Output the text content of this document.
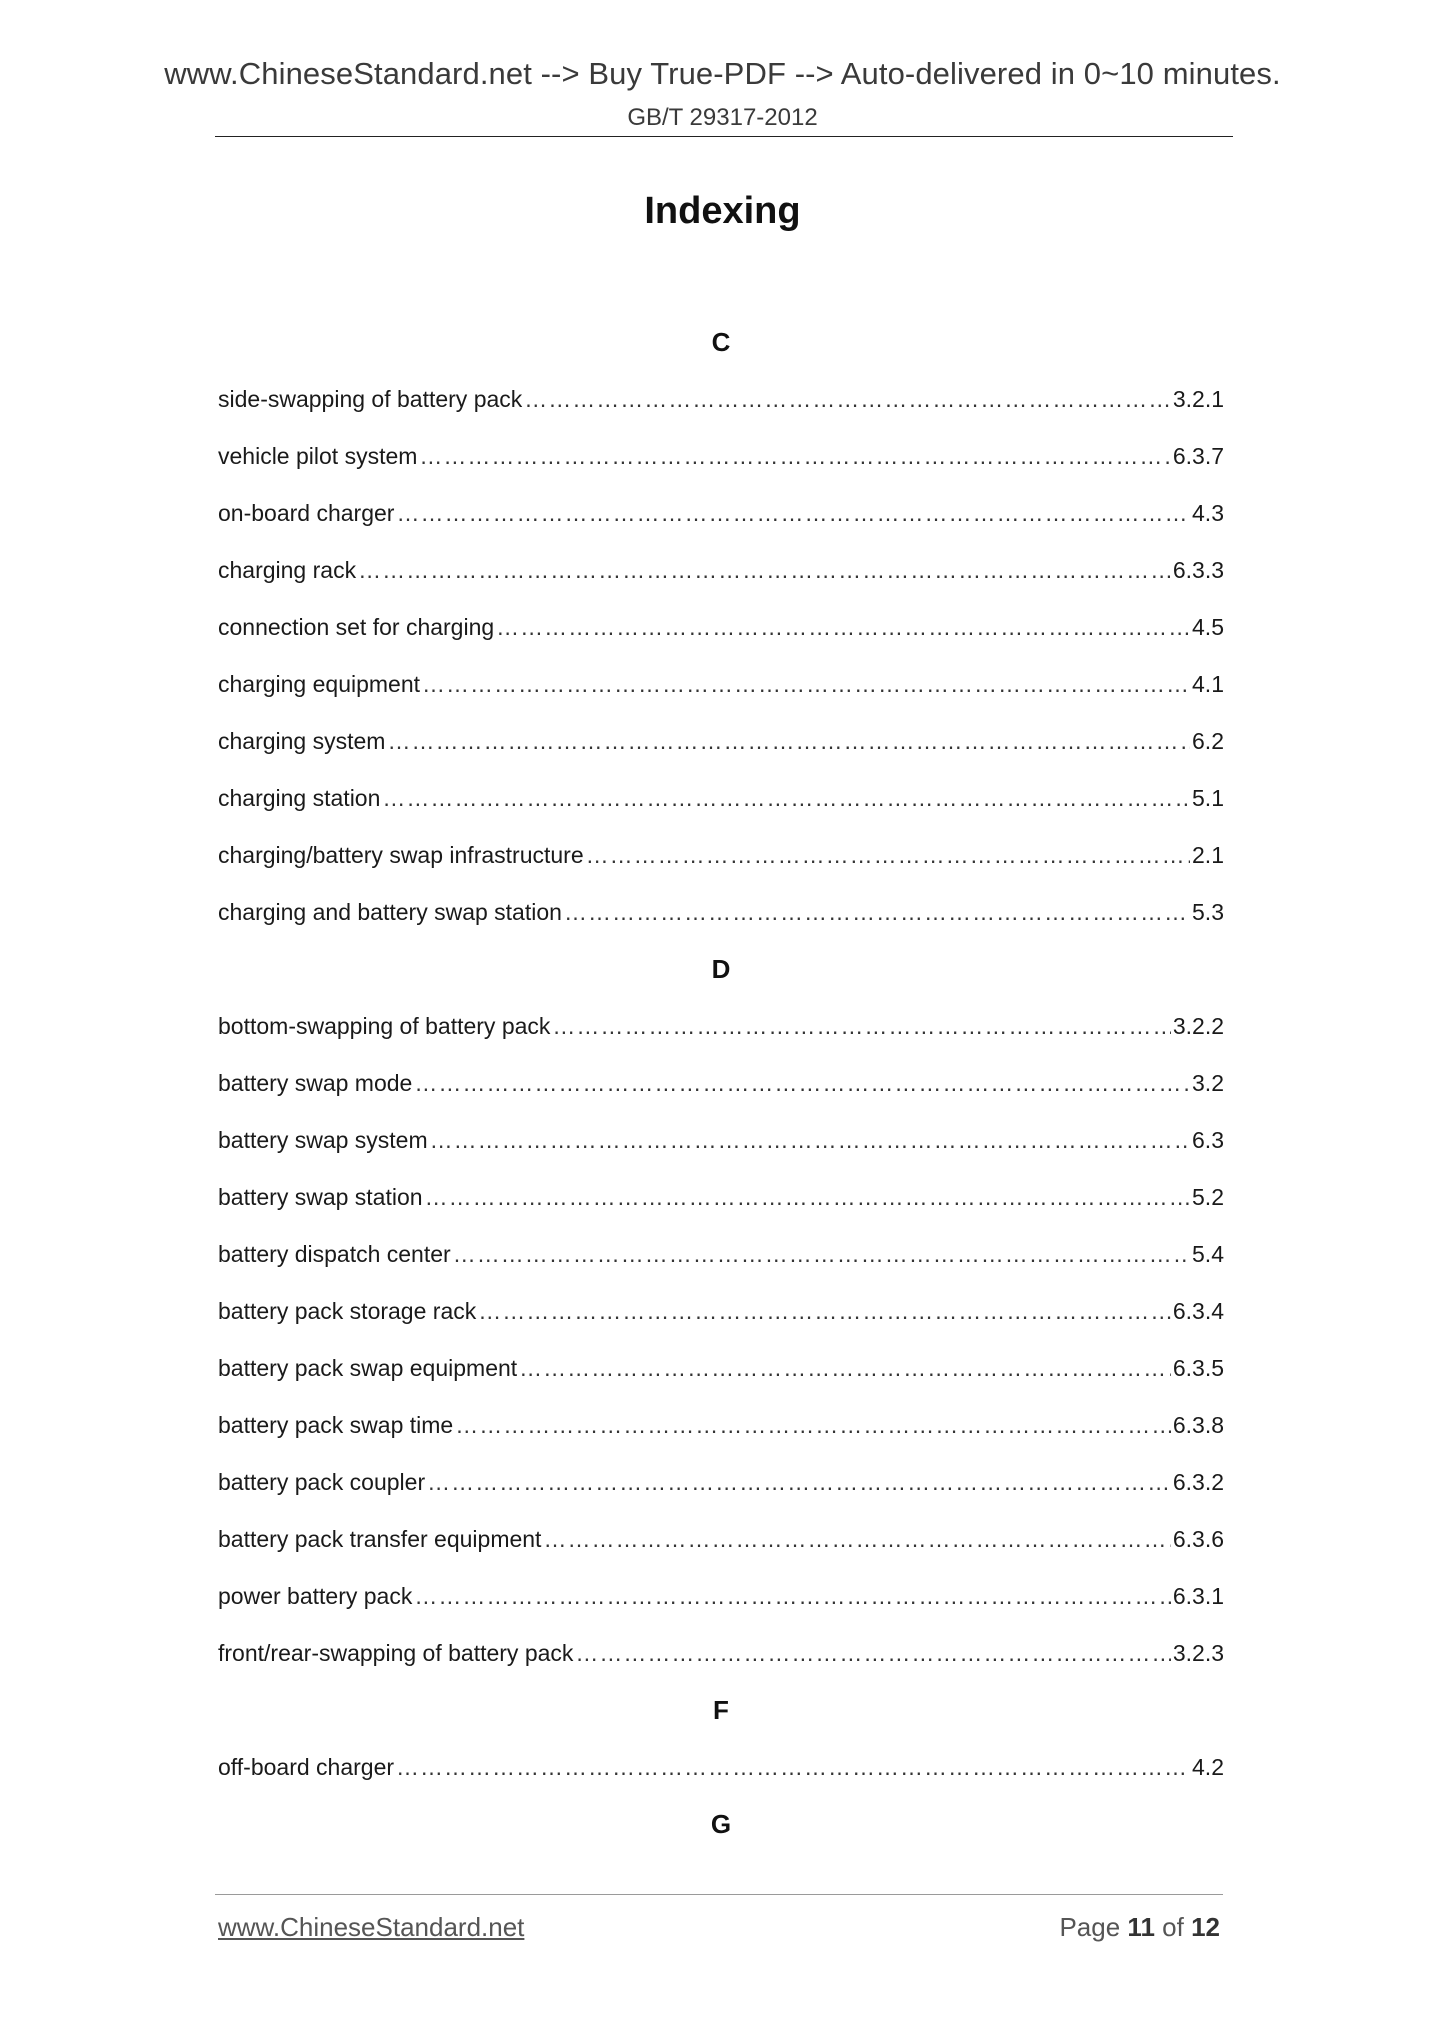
www.ChineseStandard.net --> Buy True-PDF --> Auto-delivered in 0~10 minutes.
GB/T 29317-2012
Indexing
C
side-swapping of battery pack ………………………………………………………………………………………………………………………………………………………………………………	3.2.1
vehicle pilot system ………………………………………………………………………………………………………………………………………………………………………………	6.3.7
on-board charger ………………………………………………………………………………………………………………………………………………………………………………	4.3
charging rack ………………………………………………………………………………………………………………………………………………………………………………	6.3.3
connection set for charging ………………………………………………………………………………………………………………………………………………………………………………	4.5
charging equipment ………………………………………………………………………………………………………………………………………………………………………………	4.1
charging system ………………………………………………………………………………………………………………………………………………………………………………	6.2
charging station ………………………………………………………………………………………………………………………………………………………………………………	5.1
charging/battery swap infrastructure ………………………………………………………………………………………………………………………………………………………………………………	2.1
charging and battery swap station ………………………………………………………………………………………………………………………………………………………………………………	5.3
D
bottom-swapping of battery pack ………………………………………………………………………………………………………………………………………………………………………………	3.2.2
battery swap mode ………………………………………………………………………………………………………………………………………………………………………………	3.2
battery swap system ………………………………………………………………………………………………………………………………………………………………………………	6.3
battery swap station ………………………………………………………………………………………………………………………………………………………………………………	5.2
battery dispatch center ………………………………………………………………………………………………………………………………………………………………………………	5.4
battery pack storage rack ………………………………………………………………………………………………………………………………………………………………………………	6.3.4
battery pack swap equipment ………………………………………………………………………………………………………………………………………………………………………………	6.3.5
battery pack swap time ………………………………………………………………………………………………………………………………………………………………………………	6.3.8
battery pack coupler ………………………………………………………………………………………………………………………………………………………………………………	6.3.2
battery pack transfer equipment ………………………………………………………………………………………………………………………………………………………………………………	6.3.6
power battery pack ………………………………………………………………………………………………………………………………………………………………………………	6.3.1
front/rear-swapping of battery pack ………………………………………………………………………………………………………………………………………………………………………………	3.2.3
F
off-board charger ………………………………………………………………………………………………………………………………………………………………………………	4.2
G
www.ChineseStandard.net	Page 11 of 12
